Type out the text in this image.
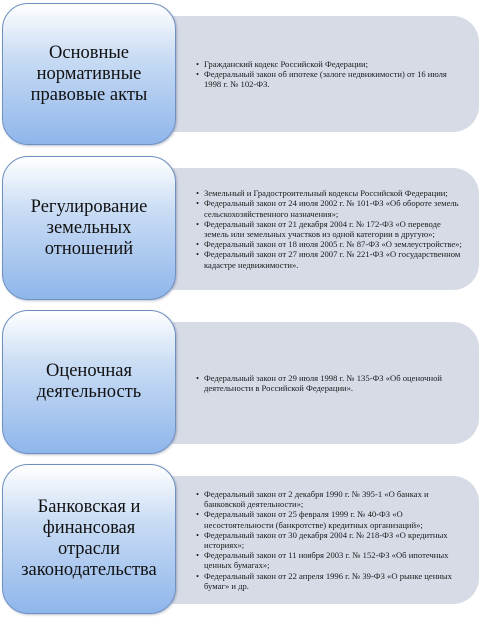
• Гражданский кодекс Российской Федерации;
• Федеральный закон об ипотеке (залоге недвижимости) от 16 июля 1998 г. № 102-ФЗ.
Основные нормативные правовые акты
• Земельный и Градостроительный кодексы Российской Федерации;
• Федеральный закон от 24 июля 2002 г. № 101-ФЗ «Об обороте земель сельскохозяйственного назначения»;
• Федеральный закон от 21 декабря 2004 г. № 172-ФЗ «О переводе земель или земельных участков из одной категории в другую»;
• Федеральный закон от 18 июля 2005 г. № 87-ФЗ «О землеустройстве»;
• Федеральный закон от 27 июля 2007 г. № 221-ФЗ «О государственном кадастре недвижимости».
Регулирование земельных отношений
• Федеральный закон от 29 июля 1998 г. № 135-ФЗ «Об оценочной деятельности в Российской Федерации».
Оценочная деятельность
• Федеральный закон от 2 декабря 1990 г. № 395-1 «О банках и банковской деятельности»;
• Федеральный закон от 25 февраля 1999 г. № 40-ФЗ «О несостоятельности (банкротстве) кредитных организаций»;
• Федеральный закон от 30 декабря 2004 г. № 218-ФЗ «О кредитных историях»;
• Федеральный закон от 11 ноября 2003 г. № 152-ФЗ «Об ипотечных ценных бумагах»;
• Федеральный закон от 22 апреля 1996 г. № 39-ФЗ «О рынке ценных бумаг» и др.
Банковская и финансовая отрасли законодательства
